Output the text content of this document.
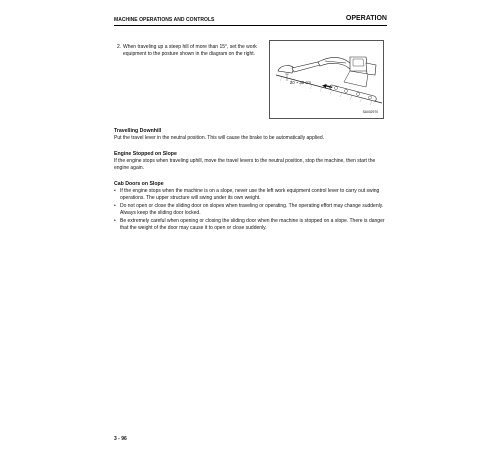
MACHINE OPERATIONS AND CONTROLS	OPERATION
2. When traveling up a steep hill of more than 15°, set the work equipment to the posture shown in the diagram on the right.
20 ~ 30 cm
SA002970
Travelling Downhill
Put the travel lever in the neutral position. This will cause the brake to be automatically applied.
Engine Stopped on Slope
If the engine stops when traveling uphill, move the travel levers to the neutral position, stop the machine, then start the engine again.
Cab Doors on Slope
• If the engine stops when the machine is on a slope, never use the left work equipment control lever to carry out swing operations. The upper structure will swing under its own weight.
• Do not open or close the sliding door on slopes when traveling or operating. The operating effort may change suddenly.
Always keep the sliding door locked.
• Be extremely careful when opening or closing the sliding door when the machine is stopped on a slope. There is danger that the weight of the door may cause it to open or close suddenly.
3 - 96
